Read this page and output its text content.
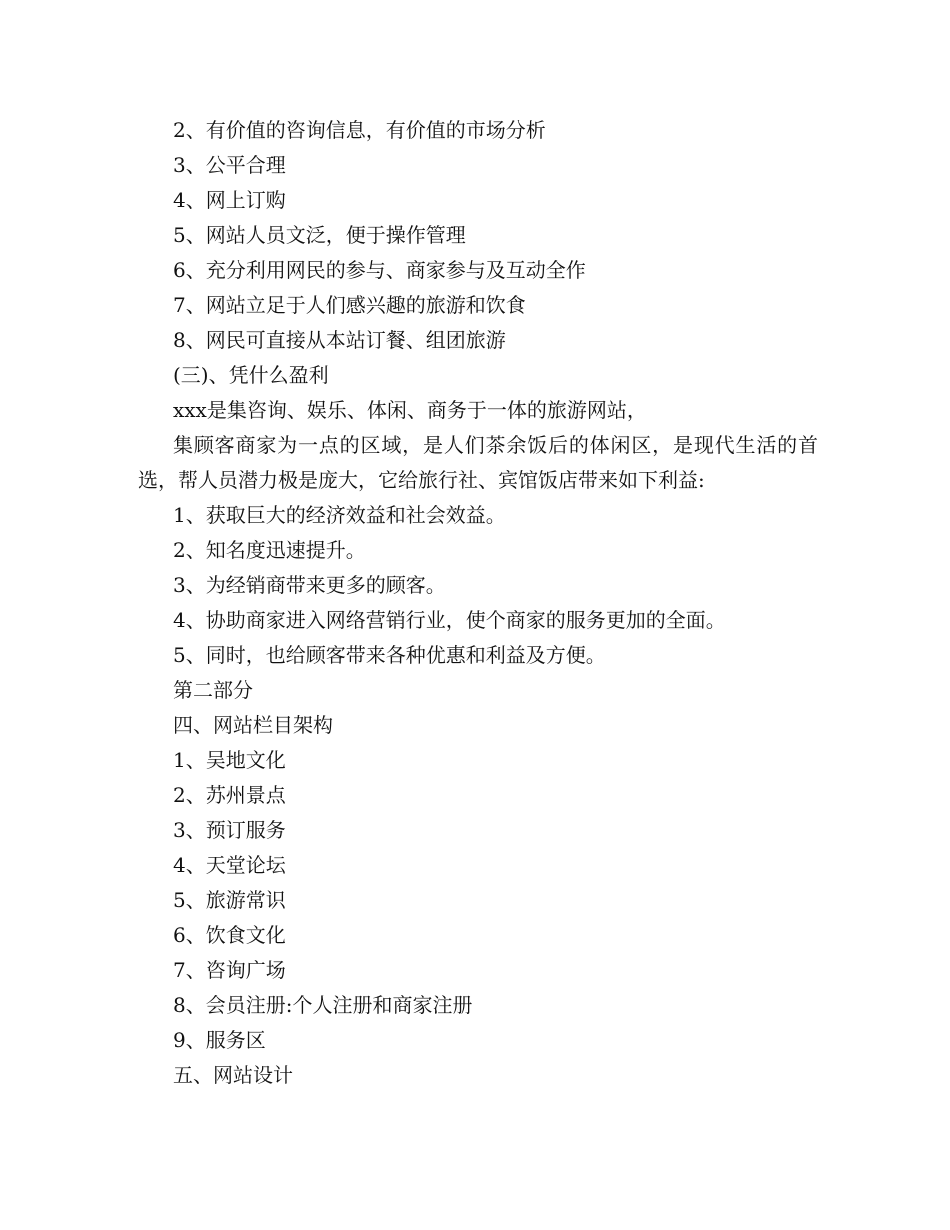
2、有价值的咨询信息，有价值的市场分析
3、公平合理
4、网上订购
5、网站人员文泛，便于操作管理
6、充分利用网民的参与、商家参与及互动全作
7、网站立足于人们感兴趣的旅游和饮食
8、网民可直接从本站订餐、组团旅游
(三)、凭什么盈利
xxx是集咨询、娱乐、体闲、商务于一体的旅游网站，
集顾客商家为一点的区域，是人们茶余饭后的体闲区，是现代生活的首选，帮人员潜力极是庞大，它给旅行社、宾馆饭店带来如下利益:
1、获取巨大的经济效益和社会效益。
2、知名度迅速提升。
3、为经销商带来更多的顾客。
4、协助商家进入网络营销行业，使个商家的服务更加的全面。
5、同时，也给顾客带来各种优惠和利益及方便。
第二部分
四、网站栏目架构
1、吴地文化
2、苏州景点
3、预订服务
4、天堂论坛
5、旅游常识
6、饮食文化
7、咨询广场
8、会员注册:个人注册和商家注册
9、服务区
五、网站设计
